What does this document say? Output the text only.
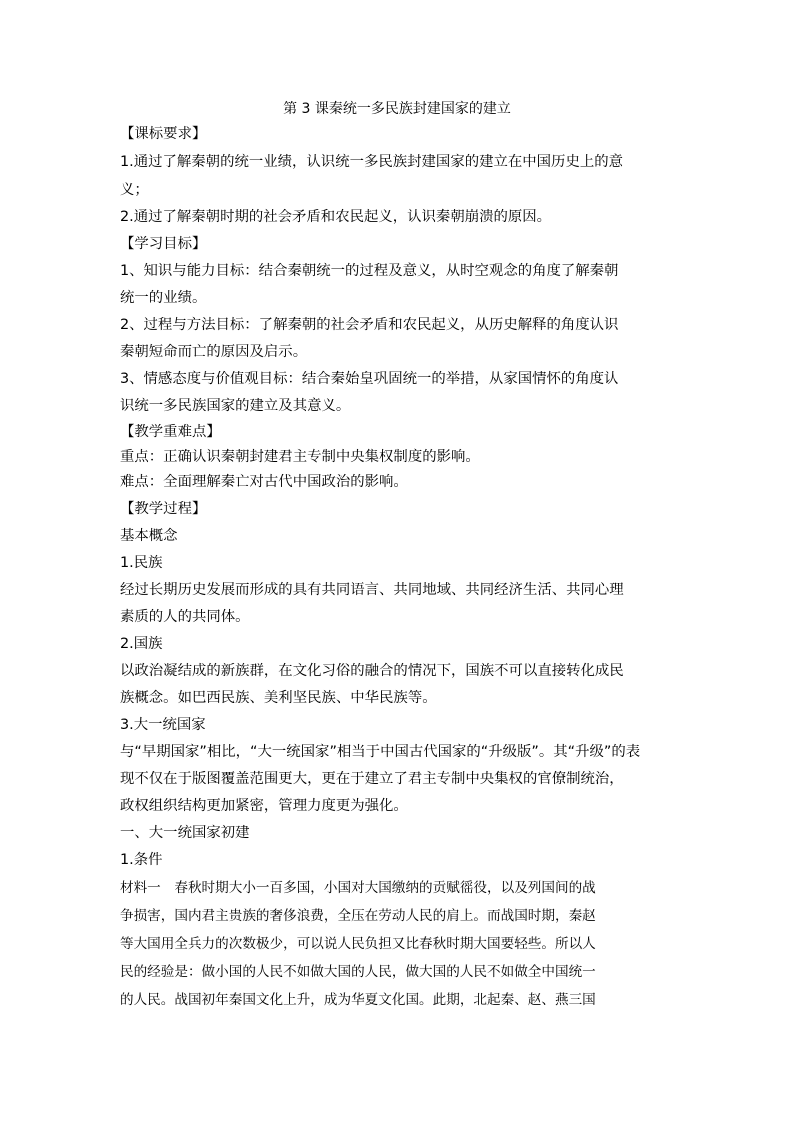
第 3 课秦统一多民族封建国家的建立
【课标要求】
1.通过了解秦朝的统一业绩，认识统一多民族封建国家的建立在中国历史上的意
义；
2.通过了解秦朝时期的社会矛盾和农民起义，认识秦朝崩溃的原因。
【学习目标】
1、知识与能力目标：结合秦朝统一的过程及意义，从时空观念的角度了解秦朝
统一的业绩。
2、过程与方法目标：了解秦朝的社会矛盾和农民起义，从历史解释的角度认识
秦朝短命而亡的原因及启示。
3、情感态度与价值观目标：结合秦始皇巩固统一的举措，从家国情怀的角度认
识统一多民族国家的建立及其意义。
【教学重难点】
重点：正确认识秦朝封建君主专制中央集权制度的影响。
难点：全面理解秦亡对古代中国政治的影响。
【教学过程】
基本概念
1.民族
经过长期历史发展而形成的具有共同语言、共同地域、共同经济生活、共同心理
素质的人的共同体。
2.国族
以政治凝结成的新族群，在文化习俗的融合的情况下，国族不可以直接转化成民
族概念。如巴西民族、美利坚民族、中华民族等。
3.大一统国家
与“早期国家”相比，“大一统国家”相当于中国古代国家的“升级版”。其“升级”的表
现不仅在于版图覆盖范围更大，更在于建立了君主专制中央集权的官僚制统治，
政权组织结构更加紧密，管理力度更为强化。
一、大一统国家初建
1.条件
材料一　春秋时期大小一百多国，小国对大国缴纳的贡赋徭役，以及列国间的战
争损害，国内君主贵族的奢侈浪费，全压在劳动人民的肩上。而战国时期，秦赵
等大国用全兵力的次数极少，可以说人民负担又比春秋时期大国要轻些。所以人
民的经验是：做小国的人民不如做大国的人民，做大国的人民不如做全中国统一
的人民。战国初年秦国文化上升，成为华夏文化国。此期，北起秦、赵、燕三国
